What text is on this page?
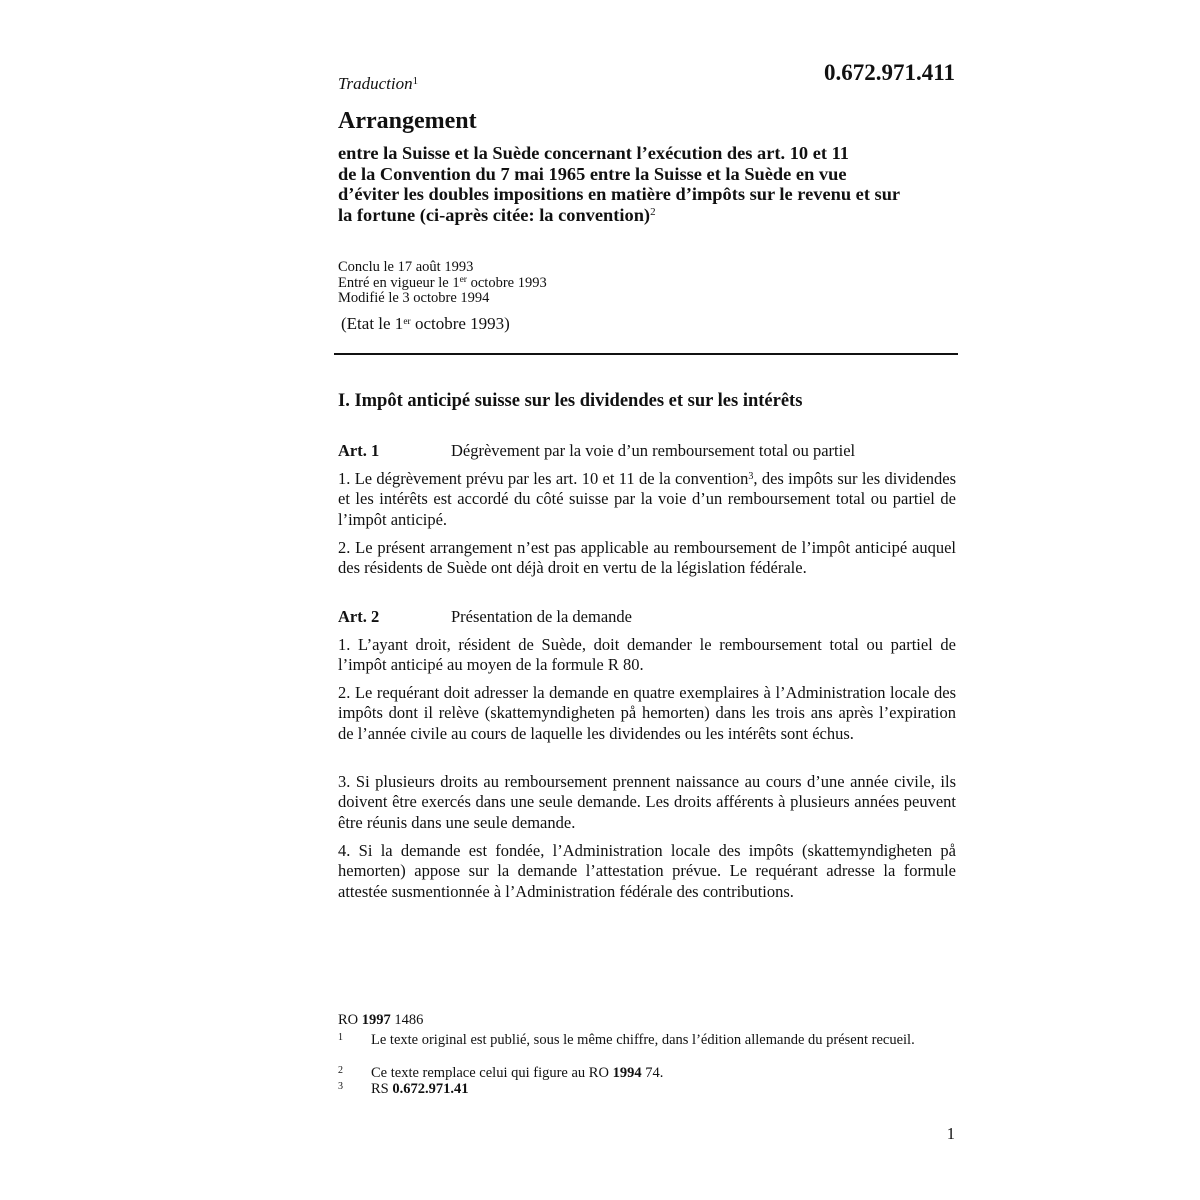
Traduction$^1$	0.672.971.411
Arrangement
entre la Suisse et la Suède concernant l’exécution des art. 10 et 11
de la Convention du 7 mai 1965 entre la Suisse et la Suède en vue
d’éviter les doubles impositions en matière d’impôts sur le revenu et sur
la fortune (ci-après citée: la convention)$^2$
Conclu le 17 août 1993
Entré en vigueur le 1er octobre 1993
Modifié le 3 octobre 1994
(Etat le 1er octobre 1993)
I. Impôt anticipé suisse sur les dividendes et sur les intérêts
Art. 1	Dégrèvement par la voie d’un remboursement total ou partiel
1. Le dégrèvement prévu par les art. 10 et 11 de la convention$^3$, des impôts sur les dividendes et les intérêts est accordé du côté suisse par la voie d’un remboursement total ou partiel de l’impôt anticipé.
2. Le présent arrangement n’est pas applicable au remboursement de l’impôt anticipé auquel des résidents de Suède ont déjà droit en vertu de la législation fédérale.
Art. 2	Présentation de la demande
1. L’ayant droit, résident de Suède, doit demander le remboursement total ou partiel de l’impôt anticipé au moyen de la formule R 80.
2. Le requérant doit adresser la demande en quatre exemplaires à l’Administration locale des impôts dont il relève (skattemyndigheten på hemorten) dans les trois ans après l’expiration de l’année civile au cours de laquelle les dividendes ou les intérêts sont échus.
3. Si plusieurs droits au remboursement prennent naissance au cours d’une année civile, ils doivent être exercés dans une seule demande. Les droits afférents à plusieurs années peuvent être réunis dans une seule demande.
4. Si la demande est fondée, l’Administration locale des impôts (skattemyndigheten på hemorten) appose sur la demande l’attestation prévue. Le requérant adresse la formule attestée susmentionnée à l’Administration fédérale des contributions.
RO 1997 1486
1 Le texte original est publié, sous le même chiffre, dans l’édition allemande du présent recueil.
2 Ce texte remplace celui qui figure au RO 1994 74.
3 RS 0.672.971.41
1
